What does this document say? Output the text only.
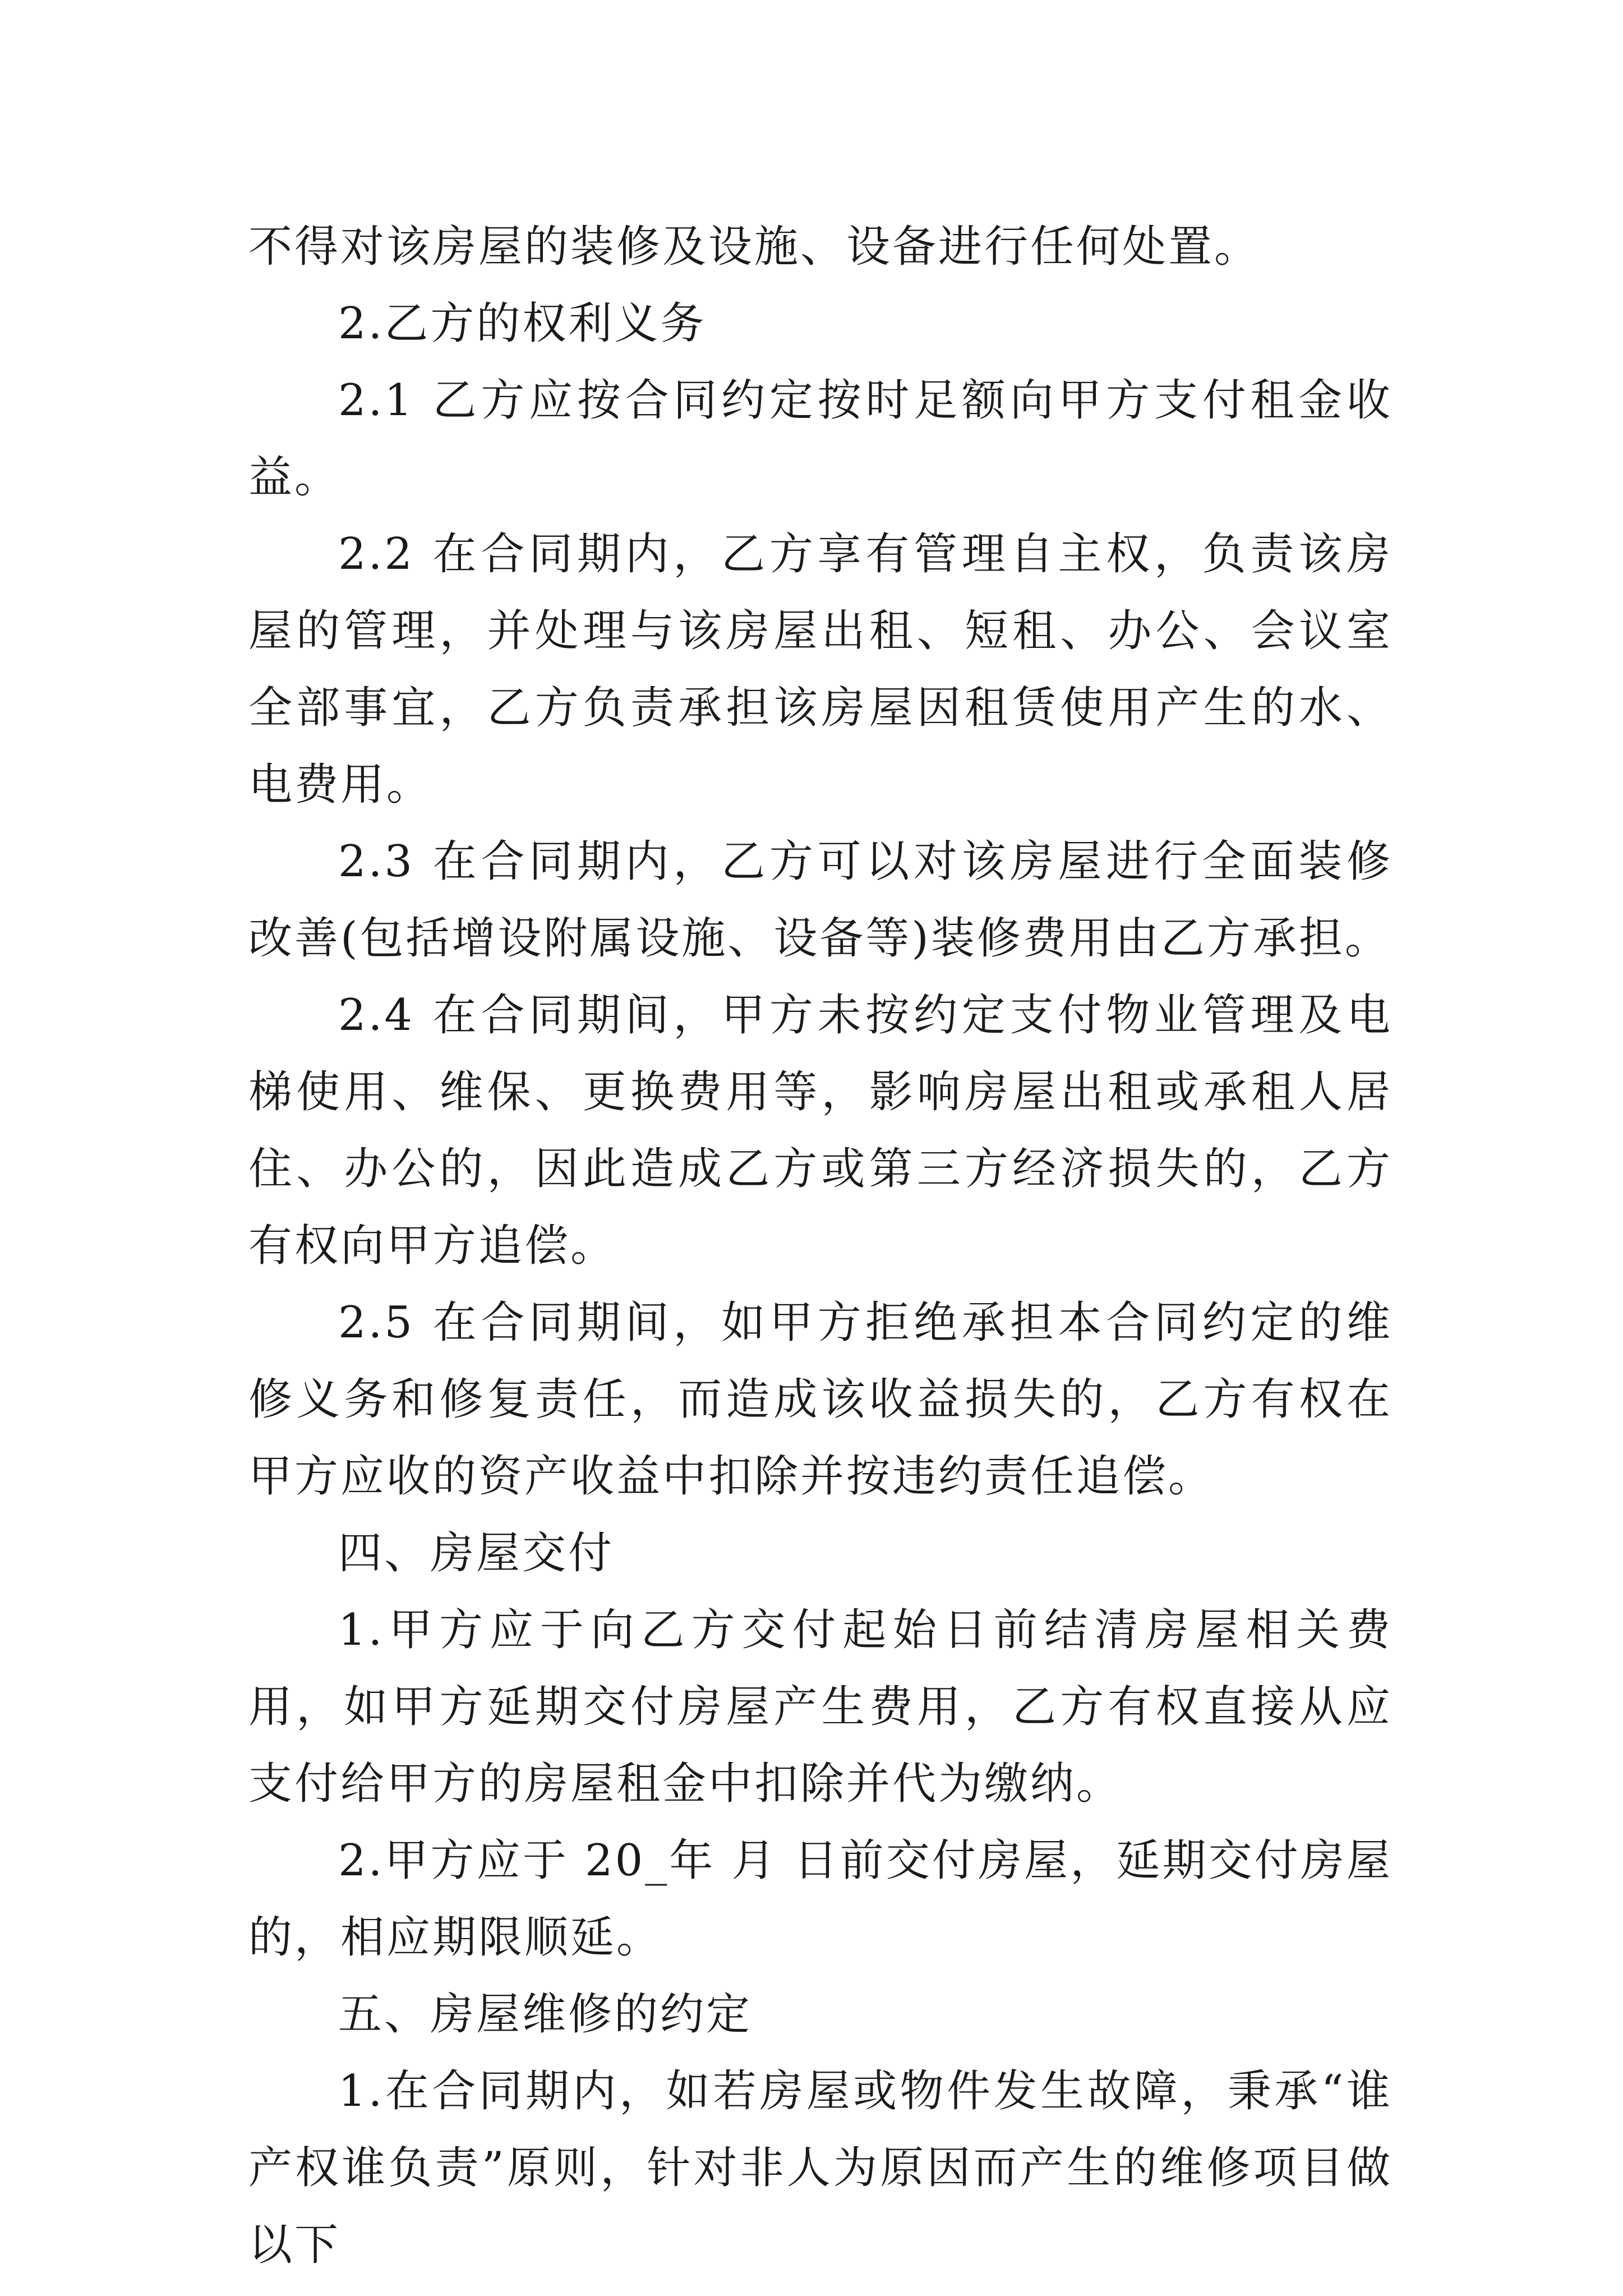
不得对该房屋的装修及设施、设备进行任何处置。

2.乙方的权利义务

2.1 乙方应按合同约定按时足额向甲方支付租金收益。

2.2 在合同期内，乙方享有管理自主权，负责该房屋的管理，并处理与该房屋出租、短租、办公、会议室全部事宜，乙方负责承担该房屋因租赁使用产生的水、电费用。

2.3 在合同期内，乙方可以对该房屋进行全面装修改善(包括增设附属设施、设备等)装修费用由乙方承担。

2.4 在合同期间，甲方未按约定支付物业管理及电梯使用、维保、更换费用等，影响房屋出租或承租人居住、办公的，因此造成乙方或第三方经济损失的，乙方有权向甲方追偿。

2.5 在合同期间，如甲方拒绝承担本合同约定的维修义务和修复责任，而造成该收益损失的，乙方有权在甲方应收的资产收益中扣除并按违约责任追偿。

四、房屋交付

1.甲方应于向乙方交付起始日前结清房屋相关费用，如甲方延期交付房屋产生费用，乙方有权直接从应支付给甲方的房屋租金中扣除并代为缴纳。

2.甲方应于 20_年 月 日前交付房屋，延期交付房屋的，相应期限顺延。

五、房屋维修的约定

1.在合同期内，如若房屋或物件发生故障，秉承“谁产权谁负责”原则，针对非人为原因而产生的维修项目做以下
